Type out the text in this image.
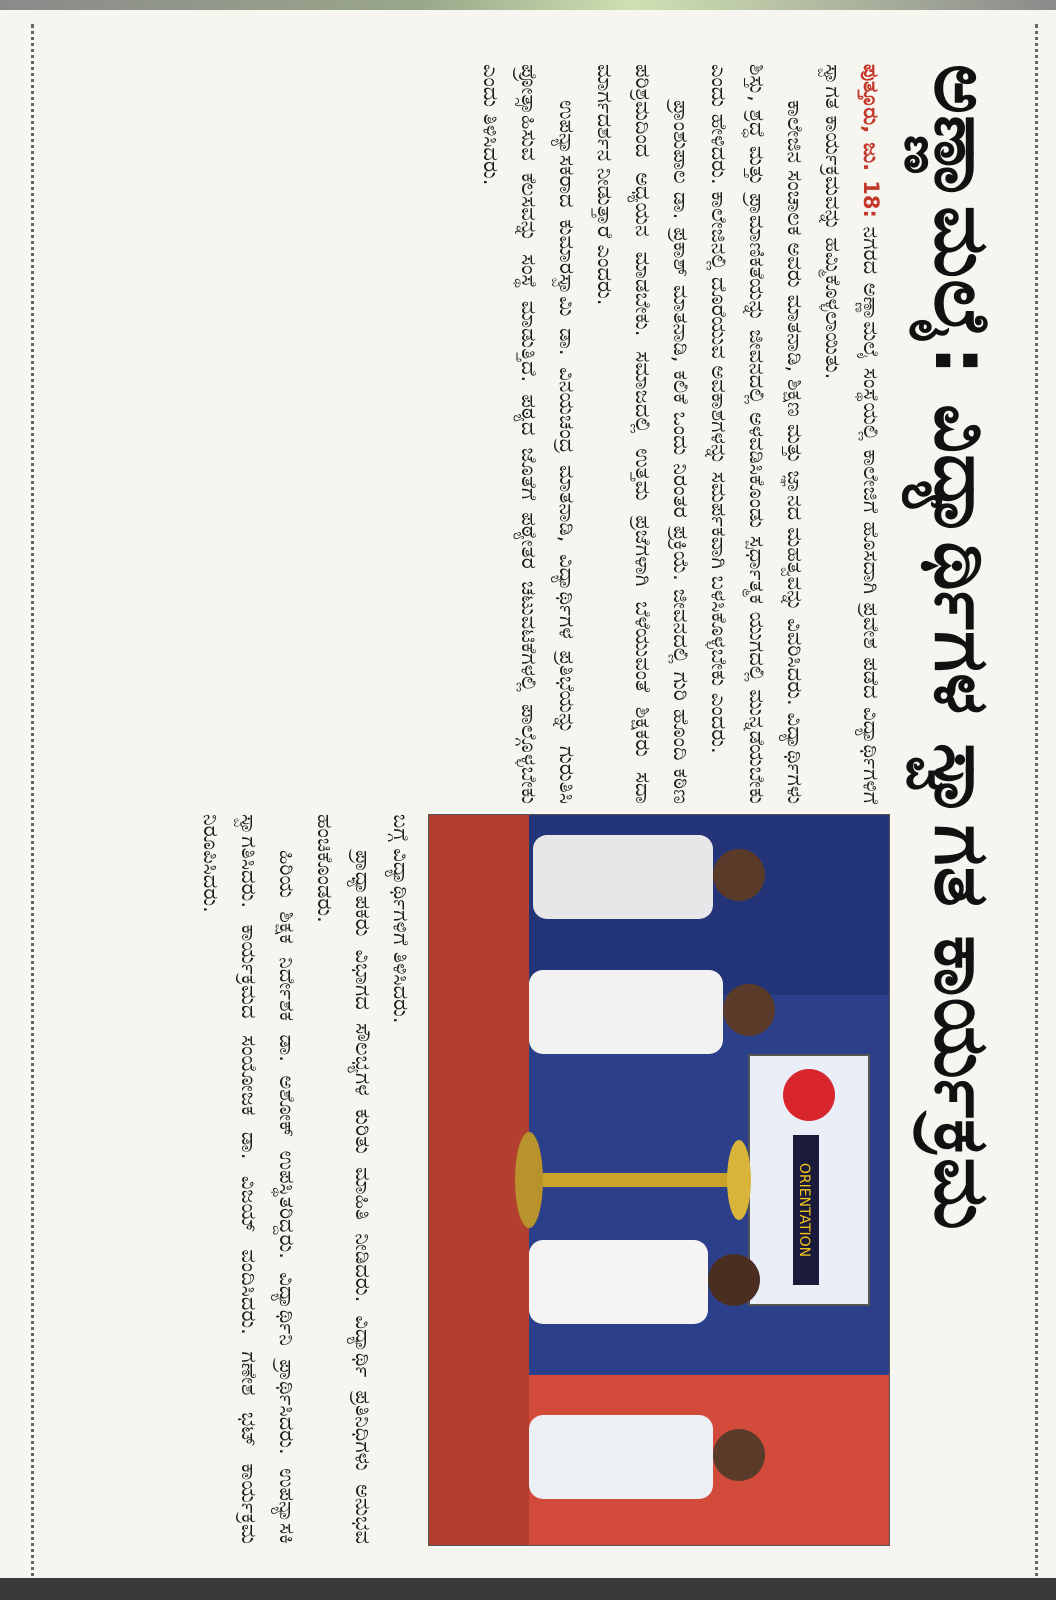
ಅಣ್ಣಾಮಲೈ: ವಿದ್ಯಾರ್ಥಿಗಳ ಸ್ವಾಗತ ಕಾರ್ಯಕ್ರಮ

ಪುತ್ತೂರು, ಜು. 18: ನಗರದ ಅಣ್ಣಾಮಲೈ ಸಂಸ್ಥೆಯಲ್ಲಿ ಕಾಲೇಜಿಗೆ ಹೊಸದಾಗಿ ಪ್ರವೇಶ ಪಡೆದ ವಿದ್ಯಾರ್ಥಿಗಳಿಗೆ ಸ್ವಾಗತ ಕಾರ್ಯಕ್ರಮವನ್ನು ಹಮ್ಮಿಕೊಳ್ಳಲಾಯಿತು.

ಕಾಲೇಜಿನ ಸಂಚಾಲಕ ಅವರು ಮಾತನಾಡಿ, ಶಿಕ್ಷಣ ಮತ್ತು ಜ್ಞಾನದ ಮಹತ್ವವನ್ನು ವಿವರಿಸಿದರು. ವಿದ್ಯಾರ್ಥಿಗಳು ಶಿಸ್ತು, ಶ್ರದ್ಧೆ ಮತ್ತು ಪ್ರಾಮಾಣಿಕತೆಯನ್ನು ಜೀವನದಲ್ಲಿ ಅಳವಡಿಸಿಕೊಂಡು ಸ್ಪರ್ಧಾತ್ಮಕ ಯುಗದಲ್ಲಿ ಮುನ್ನಡೆಯಬೇಕು ಎಂದು ಹೇಳಿದರು. ಕಾಲೇಜಿನಲ್ಲಿ ದೊರೆಯುವ ಅವಕಾಶಗಳನ್ನು ಸಮರ್ಪಕವಾಗಿ ಬಳಸಿಕೊಳ್ಳಬೇಕು ಎಂದರು.

ಪ್ರಾಂಶುಪಾಲ ಡಾ. ಪ್ರಕಾಶ್ ಮಾತನಾಡಿ, ಕಲಿಕೆ ಒಂದು ನಿರಂತರ ಪ್ರಕ್ರಿಯೆ. ಜೀವನದಲ್ಲಿ ಗುರಿ ಹೊಂದಿ ಕಠಿಣ ಪರಿಶ್ರಮದಿಂದ ಅಧ್ಯಯನ ಮಾಡಬೇಕು. ಸಮಾಜದಲ್ಲಿ ಉತ್ತಮ ಪ್ರಜೆಗಳಾಗಿ ಬೆಳೆಯುವಂತೆ ಶಿಕ್ಷಕರು ಸದಾ ಮಾರ್ಗದರ್ಶನ ನೀಡುತ್ತಾರೆ ಎಂದರು.

ಉಪನ್ಯಾಸಕರಾದ ಕುಮಾರಸ್ವಾಮಿ ಡಾ. ವಿನಯಚಂದ್ರ ಮಾತನಾಡಿ, ವಿದ್ಯಾರ್ಥಿಗಳ ಪ್ರತಿಭೆಯನ್ನು ಗುರುತಿಸಿ ಪ್ರೋತ್ಸಾಹಿಸುವ ಕೆಲಸವನ್ನು ಸಂಸ್ಥೆ ಮಾಡುತ್ತಿದೆ. ಪಠ್ಯದ ಜೊತೆಗೆ ಪಠ್ಯೇತರ ಚಟುವಟಿಕೆಗಳಲ್ಲಿ ಪಾಲ್ಗೊಳ್ಳಬೇಕು ಎಂದು ತಿಳಿಸಿದರು.

ORIENTATION

ಬಗ್ಗೆ ವಿದ್ಯಾರ್ಥಿಗಳಿಗೆ ತಿಳಿಸಿದರು.

ಪ್ರಾಧ್ಯಾಪಕರು ವಿಭಾಗದ ಸೌಲಭ್ಯಗಳ ಕುರಿತು ಮಾಹಿತಿ ನೀಡಿದರು. ವಿದ್ಯಾರ್ಥಿ ಪ್ರತಿನಿಧಿಗಳು ಅನುಭವ ಹಂಚಿಕೊಂಡರು.

ಹಿರಿಯ ಶಿಕ್ಷಕ ನಿರ್ದೇಶಕ ಡಾ. ಅಶೋಕ್ ಉಪಸ್ಥಿತರಿದ್ದರು. ವಿದ್ಯಾರ್ಥಿನಿ ಪ್ರಾರ್ಥಿಸಿದರು. ಉಪನ್ಯಾಸಕಿ ಸ್ವಾಗತಿಸಿದರು. ಕಾರ್ಯಕ್ರಮದ ಸಂಯೋಜಕ ಡಾ. ವಿಜಯ್ ವಂದಿಸಿದರು. ಗಣೇಶ ಭಟ್ ಕಾರ್ಯಕ್ರಮ ನಿರೂಪಿಸಿದರು.
